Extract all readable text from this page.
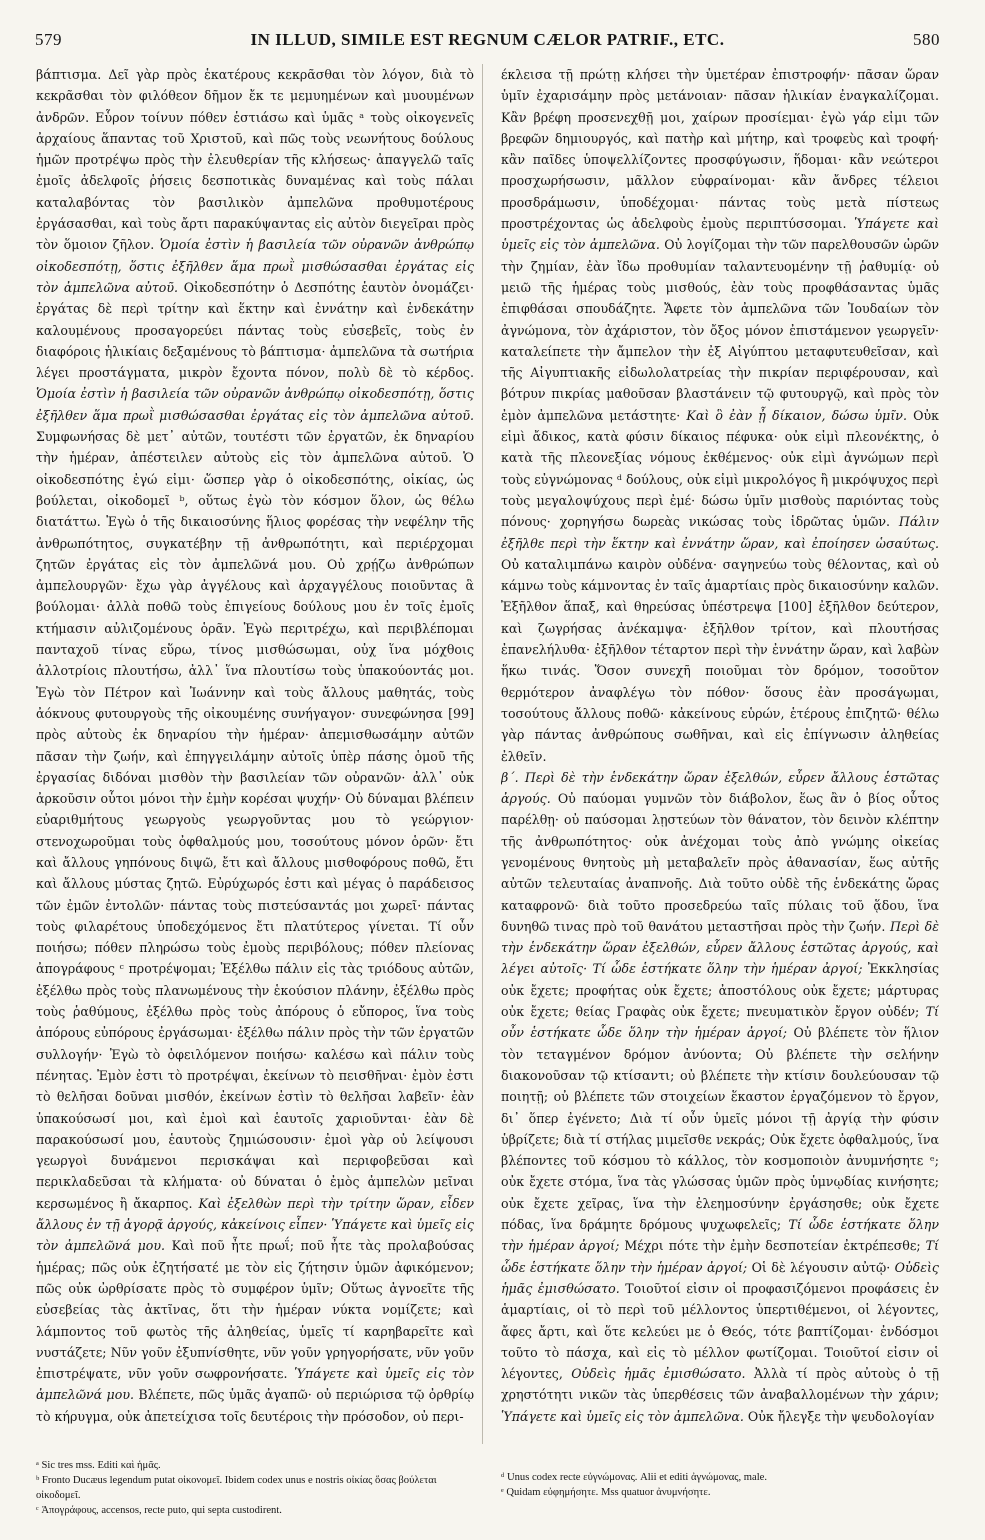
579	IN ILLUD, SIMILE EST REGNUM CÆLOR PATRIF., ETC.	580

βάπτισμα. Δεῖ γὰρ πρὸς ἑκατέρους κεκρᾶσθαι τὸν λόγον, διὰ τὸ κεκρᾶσθαι τὸν φιλόθεον δῆμον ἔκ τε μεμυημένων καὶ μυουμένων ἀνδρῶν. Εὗρον τοίνυν πόθεν ἑστιάσω καὶ ὑμᾶς ᵃ τοὺς οἰκογενεῖς ἀρχαίους ἅπαντας τοῦ Χριστοῦ, καὶ πῶς τοὺς νεωνήτους δούλους ἡμῶν προτρέψω πρὸς τὴν ἐλευθερίαν τῆς κλήσεως· ἀπαγγελῶ ταῖς ἐμοῖς ἀδελφοῖς ῥήσεις δεσποτικὰς δυναμένας καὶ τοὺς πάλαι καταλαβόντας τὸν βασιλικὸν ἀμπελῶνα προθυμοτέρους ἐργάσασθαι, καὶ τοὺς ἄρτι παρακύψαντας εἰς αὐτὸν διεγεῖραι πρὸς τὸν ὅμοιον ζῆλον. Ὁμοία ἐστὶν ἡ βασιλεία τῶν οὐρανῶν ἀνθρώπῳ οἰκοδεσπότῃ, ὅστις ἐξῆλθεν ἅμα πρωῒ μισθώσασθαι ἐργάτας εἰς τὸν ἀμπελῶνα αὐτοῦ. Οἰκοδεσπότην ὁ Δεσπότης ἑαυτὸν ὀνομάζει· ἐργάτας δὲ περὶ τρίτην καὶ ἕκτην καὶ ἐννάτην καὶ ἑνδεκάτην καλουμένους προσαγορεύει πάντας τοὺς εὐσεβεῖς, τοὺς ἐν διαφόροις ἡλικίαις δεξαμένους τὸ βάπτισμα· ἀμπελῶνα τὰ σωτήρια λέγει προστάγματα, μικρὸν ἔχοντα πόνον, πολὺ δὲ τὸ κέρδος. Ὁμοία ἐστὶν ἡ βασιλεία τῶν οὐρανῶν ἀνθρώπῳ οἰκοδεσπότῃ, ὅστις ἐξῆλθεν ἅμα πρωῒ μισθώσασθαι ἐργάτας εἰς τὸν ἀμπελῶνα αὐτοῦ. Συμφωνήσας δὲ μετ᾽ αὐτῶν, τουτέστι τῶν ἐργατῶν, ἐκ δηναρίου τὴν ἡμέραν, ἀπέστειλεν αὐτοὺς εἰς τὸν ἀμπελῶνα αὐτοῦ. Ὁ οἰκοδεσπότης ἐγώ εἰμι· ὥσπερ γὰρ ὁ οἰκοδεσπότης, οἰκίας, ὡς βούλεται, οἰκοδομεῖ ᵇ, οὕτως ἐγὼ τὸν κόσμον ὅλον, ὡς θέλω διατάττω. Ἐγὼ ὁ τῆς δικαιοσύνης ἥλιος φορέσας τὴν νεφέλην τῆς ἀνθρωπότητος, συγκατέβην τῇ ἀνθρωπότητι, καὶ περιέρχομαι ζητῶν ἐργάτας εἰς τὸν ἀμπελῶνά μου. Οὐ χρῄζω ἀνθρώπων ἀμπελουργῶν· ἔχω γὰρ ἀγγέλους καὶ ἀρχαγγέλους ποιοῦντας ἃ βούλομαι· ἀλλὰ ποθῶ τοὺς ἐπιγείους δούλους μου ἐν τοῖς ἐμοῖς κτήμασιν αὐλιζομένους ὁρᾶν. Ἐγὼ περιτρέχω, καὶ περιβλέπομαι πανταχοῦ τίνας εὕρω, τίνος μισθώσωμαι, οὐχ ἵνα μόχθοις ἀλλοτρίοις πλουτήσω, ἀλλ᾽ ἵνα πλουτίσω τοὺς ὑπακούοντάς μοι. Ἐγὼ τὸν Πέτρον καὶ Ἰωάννην καὶ τοὺς ἄλλους μαθητάς, τοὺς ἀόκνους φυτουργοὺς τῆς οἰκουμένης συνήγαγον· συνεφώνησα [99] πρὸς αὐτοὺς ἐκ δηναρίου τὴν ἡμέραν· ἀπεμισθωσάμην αὐτῶν πᾶσαν τὴν ζωήν, καὶ ἐπηγγειλάμην αὐτοῖς ὑπὲρ πάσης ὁμοῦ τῆς ἐργασίας διδόναι μισθὸν τὴν βασιλείαν τῶν οὐρανῶν· ἀλλ᾽ οὐκ ἀρκοῦσιν οὗτοι μόνοι τὴν ἐμὴν κορέσαι ψυχήν· Οὐ δύναμαι βλέπειν εὐαριθμήτους γεωργοὺς γεωργοῦντας μου τὸ γεώργιον· στενοχωροῦμαι τοὺς ὀφθαλμούς μου, τοσούτους μόνον ὁρῶν· ἔτι καὶ ἄλλους γηπόνους διψῶ, ἔτι καὶ ἄλλους μισθοφόρους ποθῶ, ἔτι καὶ ἄλλους μύστας ζητῶ. Εὐρύχωρός ἐστι καὶ μέγας ὁ παράδεισος τῶν ἐμῶν ἐντολῶν· πάντας τοὺς πιστεύσαντάς μοι χωρεῖ· πάντας τοὺς φιλαρέτους ὑποδεχόμενος ἔτι πλατύτερος γίνεται. Τί οὖν ποιήσω; πόθεν πληρώσω τοὺς ἐμοὺς περιβόλους; πόθεν πλείονας ἀπογράφους ᶜ προτρέψομαι; Ἐξέλθω πάλιν εἰς τὰς τριόδους αὐτῶν, ἐξέλθω πρὸς τοὺς πλανωμένους τὴν ἑκούσιον πλάνην, ἐξέλθω πρὸς τοὺς ῥαθύμους, ἐξέλθω πρὸς τοὺς ἀπόρους ὁ εὔπορος, ἵνα τοὺς ἀπόρους εὐπόρους ἐργάσωμαι· ἐξέλθω πάλιν πρὸς τὴν τῶν ἐργατῶν συλλογήν· Ἐγὼ τὸ ὀφειλόμενον ποιήσω· καλέσω καὶ πάλιν τοὺς πένητας. Ἐμὸν ἐστι τὸ προτρέψαι, ἐκείνων τὸ πεισθῆναι· ἐμὸν ἐστι τὸ θελῆσαι δοῦναι μισθόν, ἐκείνων ἐστὶν τὸ θελῆσαι λαβεῖν· ἐὰν ὑπακούσωσί μοι, καὶ ἐμοὶ καὶ ἑαυτοῖς χαριοῦνται· ἐὰν δὲ παρακούσωσί μου, ἑαυτοὺς ζημιώσουσιν· ἐμοὶ γὰρ οὐ λείψουσι γεωργοὶ δυνάμενοι περισκάψαι καὶ περιφοβεῦσαι καὶ περικλαδεῦσαι τὰ κλήματα· οὐ δύναται ὁ ἐμὸς ἀμπελὼν μεῖναι κερσωμένος ἢ ἄκαρπος. Καὶ ἐξελθὼν περὶ τὴν τρίτην ὥραν, εἶδεν ἄλλους ἐν τῇ ἀγορᾷ ἀργούς, κἀκείνοις εἶπεν· Ὑπάγετε καὶ ὑμεῖς εἰς τὸν ἀμπελῶνά μου. Καὶ ποῦ ἦτε πρωΐ; ποῦ ἦτε τὰς προλαβούσας ἡμέρας; πῶς οὐκ ἐζητήσατέ με τὸν εἰς ζήτησιν ὑμῶν ἀφικόμενον; πῶς οὐκ ὠρθρίσατε πρὸς τὸ συμφέρον ὑμῖν; Οὕτως ἀγνοεῖτε τῆς εὐσεβείας τὰς ἀκτῖνας, ὅτι τὴν ἡμέραν νύκτα νομίζετε; καὶ λάμποντος τοῦ φωτὸς τῆς ἀληθείας, ὑμεῖς τί καρηβαρεῖτε καὶ νυστάζετε; Νῦν γοῦν ἐξυπνίσθητε, νῦν γοῦν γρηγορήσατε, νῦν γοῦν ἐπιστρέψατε, νῦν γοῦν σωφρονήσατε. Ὑπάγετε καὶ ὑμεῖς εἰς τὸν ἀμπελῶνά μου. Βλέπετε, πῶς ὑμᾶς ἀγαπῶ· οὐ περιώρισα τῷ ὀρθρίῳ τὸ κήρυγμα, οὐκ ἀπετείχισα τοῖς δευτέροις τὴν πρόσοδον, οὐ περι-

έκλεισα τῇ πρώτῃ κλήσει τὴν ὑμετέραν ἐπιστροφήν· πᾶσαν ὥραν ὑμῖν ἐχαρισάμην πρὸς μετάνοιαν· πᾶσαν ἡλικίαν ἐναγκαλίζομαι. Κἂν βρέφη προσενεχθῇ μοι, χαίρων προσίεμαι· ἐγὼ γάρ εἰμι τῶν βρεφῶν δημιουργός, καὶ πατὴρ καὶ μήτηρ, καὶ τροφεὺς καὶ τροφή· κἂν παῖδες ὑποψελλίζοντες προσφύγωσιν, ἥδομαι· κἂν νεώτεροι προσχωρήσωσιν, μᾶλλον εὐφραίνομαι· κἂν ἄνδρες τέλειοι προσδράμωσιν, ὑποδέχομαι· πάντας τοὺς μετὰ πίστεως προστρέχοντας ὡς ἀδελφοὺς ἐμοὺς περιπτύσσομαι. Ὑπάγετε καὶ ὑμεῖς εἰς τὸν ἀμπελῶνα. Οὐ λογίζομαι τὴν τῶν παρελθουσῶν ὡρῶν τὴν ζημίαν, ἐὰν ἴδω προθυμίαν ταλαντευομένην τῇ ῥαθυμίᾳ· οὐ μειῶ τῆς ἡμέρας τοὺς μισθούς, ἐὰν τοὺς προφθάσαντας ὑμᾶς ἐπιφθάσαι σπουδάζητε. Ἄφετε τὸν ἀμπελῶνα τῶν Ἰουδαίων τὸν ἀγνώμονα, τὸν ἀχάριστον, τὸν ὄξος μόνον ἐπιστάμενον γεωργεῖν· καταλείπετε τὴν ἄμπελον τὴν ἐξ Αἰγύπτου μεταφυτευθεῖσαν, καὶ τῆς Αἰγυπτιακῆς εἰδωλολατρείας τὴν πικρίαν περιφέρουσαν, καὶ βότρυν πικρίας μαθοῦσαν βλαστάνειν τῷ φυτουργῷ, καὶ πρὸς τὸν ἐμὸν ἀμπελῶνα μετάστητε· Καὶ ὃ ἐὰν ᾖ δίκαιον, δώσω ὑμῖν. Οὐκ εἰμὶ ἄδικος, κατὰ φύσιν δίκαιος πέφυκα· οὐκ εἰμὶ πλεονέκτης, ὁ κατὰ τῆς πλεονεξίας νόμους ἐκθέμενος· οὐκ εἰμὶ ἀγνώμων περὶ τοὺς εὐγνώμονας ᵈ δούλους, οὐκ εἰμὶ μικρολόγος ἢ μικρόψυχος περὶ τοὺς μεγαλοψύχους περὶ ἐμέ· δώσω ὑμῖν μισθοὺς παριόντας τοὺς πόνους· χορηγήσω δωρεὰς νικώσας τοὺς ἱδρῶτας ὑμῶν. Πάλιν ἐξῆλθε περὶ τὴν ἕκτην καὶ ἐννάτην ὥραν, καὶ ἐποίησεν ὡσαύτως. Οὐ καταλιμπάνω καιρὸν οὐδένα· σαγηνεύω τοὺς θέλοντας, καὶ οὐ κάμνω τοὺς κάμνοντας ἐν ταῖς ἁμαρτίαις πρὸς δικαιοσύνην καλῶν. Ἐξῆλθον ἅπαξ, καὶ θηρεύσας ὑπέστρεψα [100] ἐξῆλθον δεύτερον, καὶ ζωγρήσας ἀνέκαμψα· ἐξῆλθον τρίτον, καὶ πλουτήσας ἐπανελήλυθα· ἐξῆλθον τέταρτον περὶ τὴν ἐννάτην ὥραν, καὶ λαβὼν ἥκω τινάς. Ὅσον συνεχῆ ποιοῦμαι τὸν δρόμον, τοσοῦτον θερμότερον ἀναφλέγω τὸν πόθον· ὅσους ἐὰν προσάγωμαι, τοσούτους ἄλλους ποθῶ· κἀκείνους εὑρών, ἑτέρους ἐπιζητῶ· θέλω γὰρ πάντας ἀνθρώπους σωθῆναι, καὶ εἰς ἐπίγνωσιν ἀληθείας ἐλθεῖν.

β΄. Περὶ δὲ τὴν ἑνδεκάτην ὥραν ἐξελθών, εὗρεν ἄλλους ἑστῶτας ἀργούς. Οὐ παύομαι γυμνῶν τὸν διάβολον, ἕως ἂν ὁ βίος οὗτος παρέλθῃ· οὐ παύσομαι λῃστεύων τὸν θάνατον, τὸν δεινὸν κλέπτην τῆς ἀνθρωπότητος· οὐκ ἀνέχομαι τοὺς ἀπὸ γνώμης οἰκείας γενομένους θνητοὺς μὴ μεταβαλεῖν πρὸς ἀθανασίαν, ἕως αὐτῆς αὐτῶν τελευταίας ἀναπνοῆς. Διὰ τοῦτο οὐδὲ τῆς ἑνδεκάτης ὥρας καταφρονῶ· διὰ τοῦτο προσεδρεύω ταῖς πύλαις τοῦ ᾅδου, ἵνα δυνηθῶ τινας πρὸ τοῦ θανάτου μεταστῆσαι πρὸς τὴν ζωήν. Περὶ δὲ τὴν ἑνδεκάτην ὥραν ἐξελθών, εὗρεν ἄλλους ἑστῶτας ἀργούς, καὶ λέγει αὐτοῖς· Τί ὧδε ἑστήκατε ὅλην τὴν ἡμέραν ἀργοί; Ἐκκλησίας οὐκ ἔχετε; προφήτας οὐκ ἔχετε; ἀποστόλους οὐκ ἔχετε; μάρτυρας οὐκ ἔχετε; θείας Γραφὰς οὐκ ἔχετε; πνευματικὸν ἔργον οὐδέν; Τί οὖν ἑστήκατε ὧδε ὅλην τὴν ἡμέραν ἀργοί; Οὐ βλέπετε τὸν ἥλιον τὸν τεταγμένον δρόμον ἀνύοντα; Οὐ βλέπετε τὴν σελήνην διακονοῦσαν τῷ κτίσαντι; οὐ βλέπετε τὴν κτίσιν δουλεύουσαν τῷ ποιητῇ; οὐ βλέπετε τῶν στοιχείων ἕκαστον ἐργαζόμενον τὸ ἔργον, δι᾽ ὅπερ ἐγένετο; Διὰ τί οὖν ὑμεῖς μόνοι τῇ ἀργίᾳ τὴν φύσιν ὑβρίζετε; διὰ τί στήλας μιμεῖσθε νεκράς; Οὐκ ἔχετε ὀφθαλμούς, ἵνα βλέποντες τοῦ κόσμου τὸ κάλλος, τὸν κοσμοποιὸν ἀνυμνήσητε ᵉ; οὐκ ἔχετε στόμα, ἵνα τὰς γλώσσας ὑμῶν πρὸς ὑμνῳδίας κινήσητε; οὐκ ἔχετε χεῖρας, ἵνα τὴν ἐλεημοσύνην ἐργάσησθε; οὐκ ἔχετε πόδας, ἵνα δράμητε δρόμους ψυχωφελεῖς; Τί ὧδε ἑστήκατε ὅλην τὴν ἡμέραν ἀργοί; Μέχρι πότε τὴν ἐμὴν δεσποτείαν ἐκτρέπεσθε; Τί ὧδε ἑστήκατε ὅλην τὴν ἡμέραν ἀργοί; Οἱ δὲ λέγουσιν αὐτῷ· Οὐδεὶς ἡμᾶς ἐμισθώσατο. Τοιοῦτοί εἰσιν οἱ προφασιζόμενοι προφάσεις ἐν ἁμαρτίαις, οἱ τὸ περὶ τοῦ μέλλοντος ὑπερτιθέμενοι, οἱ λέγοντες, ἄφες ἄρτι, καὶ ὅτε κελεύει με ὁ Θεός, τότε βαπτίζομαι· ἐνδόσμοι τοῦτο τὸ πάσχα, καὶ εἰς τὸ μέλλον φωτίζομαι. Τοιοῦτοί εἰσιν οἱ λέγοντες, Οὐδεὶς ἡμᾶς ἐμισθώσατο. Ἀλλὰ τί πρὸς αὐτοὺς ὁ τῇ χρηστότητι νικῶν τὰς ὑπερθέσεις τῶν ἀναβαλλομένων τὴν χάριν; Ὑπάγετε καὶ ὑμεῖς εἰς τὸν ἀμπελῶνα. Οὐκ ἤλεγξε τὴν ψευδολογίαν

ᵃ Sic tres mss. Editi καὶ ἡμᾶς.
ᵇ Fronto Ducæus legendum putat οἰκονομεῖ. Ibidem codex unus e nostris οἰκίας ὅσας βούλεται οἰκοδομεῖ.
ᶜ Ἀπογράφους, accensos, recte puto, qui septa custodirent.
ᵈ Unus codex recte εὐγνώμονας. Alii et editi ἀγνώμονας, male.
ᵉ Quidam εὐφημήσητε. Mss quatuor ἀνυμνήσητε.
